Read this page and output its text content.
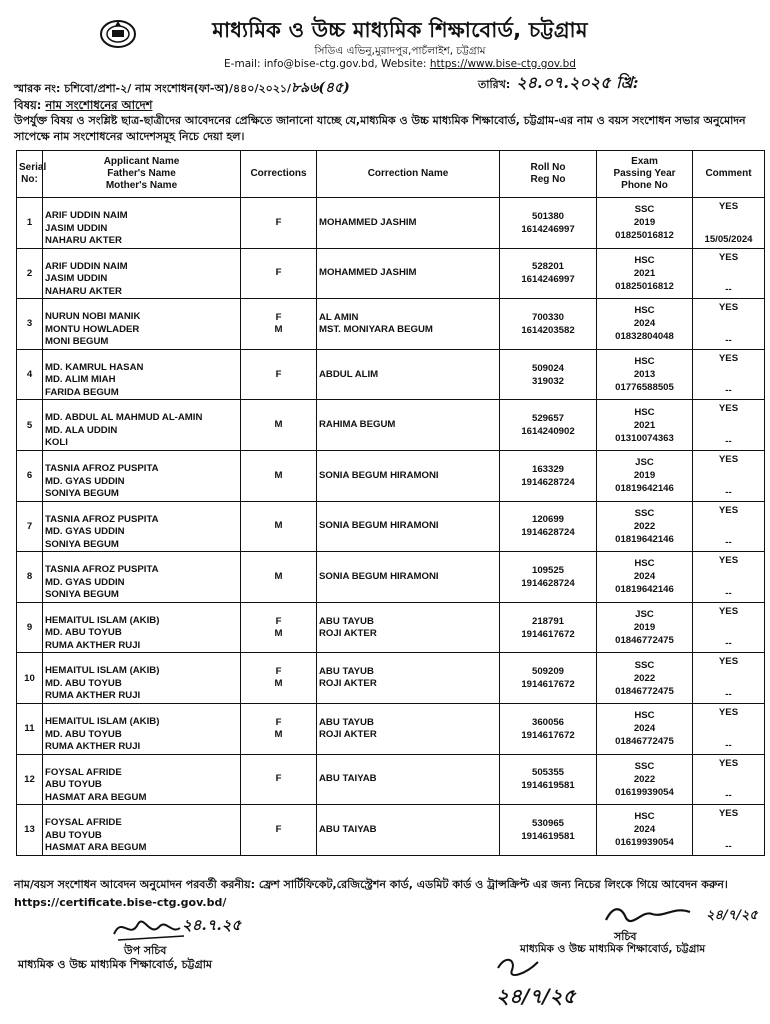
মাধ্যমিক ও উচ্চ মাধ্যমিক শিক্ষাবোর্ড, চট্টগ্রাম
সিডিএ এভিনু,মুরাদপুর,পাচঁলাইশ, চট্টগ্রাম
E-mail: info@bise-ctg.gov.bd, Website: https://www.bise-ctg.gov.bd
স্মারক নং: চশিবো/প্রশা-২/ নাম সংশোধন(ফা-অ)/৪৪০/২০২১/৮৯৬(৪৫)	তারিখ: ২৪.০৭.২০২৫ খ্রি:
বিষয়: নাম সংশোধনের আদেশ
উপর্যুক্ত বিষয় ও সংশ্লিষ্ট ছাত্র-ছাত্রীদের আবেদনের প্রেক্ষিতে জানানো যাচ্ছে যে,মাধ্যমিক ও উচ্চ মাধ্যমিক শিক্ষাবোর্ড, চট্টগ্রাম-এর নাম ও বয়স সংশোধন সভার অনুমোদন সাপেক্ষে নাম সংশোধনের আদেশসমূহ নিচে দেয়া হল।
Serial
No:	Applicant Name
Father's Name
Mother's Name	Corrections	Correction Name	Roll No
Reg No	Exam
Passing Year
Phone No	Comment
1	ARIF UDDIN NAIM
JASIM UDDIN
NAHARU AKTER	F	MOHAMMED JASHIM	501380
1614246997	SSC
2019
01825016812	YES
15/05/2024

2	ARIF UDDIN NAIM
JASIM UDDIN
NAHARU AKTER	F	MOHAMMED JASHIM	528201
1614246997	HSC
2021
01825016812	YES
--

3	NURUN NOBI MANIK
MONTU HOWLADER
MONI BEGUM	F
M	AL AMIN
MST. MONIYARA BEGUM	700330
1614203582	HSC
2024
01832804048	YES
--

4	MD. KAMRUL HASAN
MD. ALIM MIAH
FARIDA BEGUM	F	ABDUL ALIM	509024
319032	HSC
2013
01776588505	YES
--

5	MD. ABDUL AL MAHMUD AL-AMIN
MD. ALA UDDIN
KOLI	M	RAHIMA BEGUM	529657
1614240902	HSC
2021
01310074363	YES
--

6	TASNIA AFROZ PUSPITA
MD. GYAS UDDIN
SONIYA BEGUM	M	SONIA BEGUM HIRAMONI	163329
1914628724	JSC
2019
01819642146	YES
--

7	TASNIA AFROZ PUSPITA
MD. GYAS UDDIN
SONIYA BEGUM	M	SONIA BEGUM HIRAMONI	120699
1914628724	SSC
2022
01819642146	YES
--

8	TASNIA AFROZ PUSPITA
MD. GYAS UDDIN
SONIYA BEGUM	M	SONIA BEGUM HIRAMONI	109525
1914628724	HSC
2024
01819642146	YES
--

9	HEMAITUL ISLAM (AKIB)
MD. ABU TOYUB
RUMA AKTHER RUJI	F
M	ABU TAYUB
ROJI AKTER	218791
1914617672	JSC
2019
01846772475	YES
--

10	HEMAITUL ISLAM (AKIB)
MD. ABU TOYUB
RUMA AKTHER RUJI	F
M	ABU TAYUB
ROJI AKTER	509209
1914617672	SSC
2022
01846772475	YES
--

11	HEMAITUL ISLAM (AKIB)
MD. ABU TOYUB
RUMA AKTHER RUJI	F
M	ABU TAYUB
ROJI AKTER	360056
1914617672	HSC
2024
01846772475	YES
--

12	FOYSAL AFRIDE
ABU TOYUB
HASMAT ARA BEGUM	F	ABU TAIYAB	505355
1914619581	SSC
2022
01619939054	YES
--

13	FOYSAL AFRIDE
ABU TOYUB
HASMAT ARA BEGUM	F	ABU TAIYAB	530965
1914619581	HSC
2024
01619939054	YES
--
নাম/বয়স সংশোধন আবেদন অনুমোদন পরবর্তী করনীয়: ফ্রেশ সার্টিফিকেট,রেজিস্ট্রেশন কার্ড, এডমিট কার্ড ও ট্রান্সক্রিপ্ট এর জন্য নিচের লিংকে গিয়ে আবেদন করুন। https://certificate.bise-ctg.gov.bd/
২৪.৭.২৫
উপ সচিব
মাধ্যমিক ও উচ্চ মাধ্যমিক শিক্ষাবোর্ড, চট্টগ্রাম
২৪/৭/২৫
সচিব
মাধ্যমিক ও উচ্চ মাধ্যমিক শিক্ষাবোর্ড, চট্টগ্রাম
২৪/৭/২৫
